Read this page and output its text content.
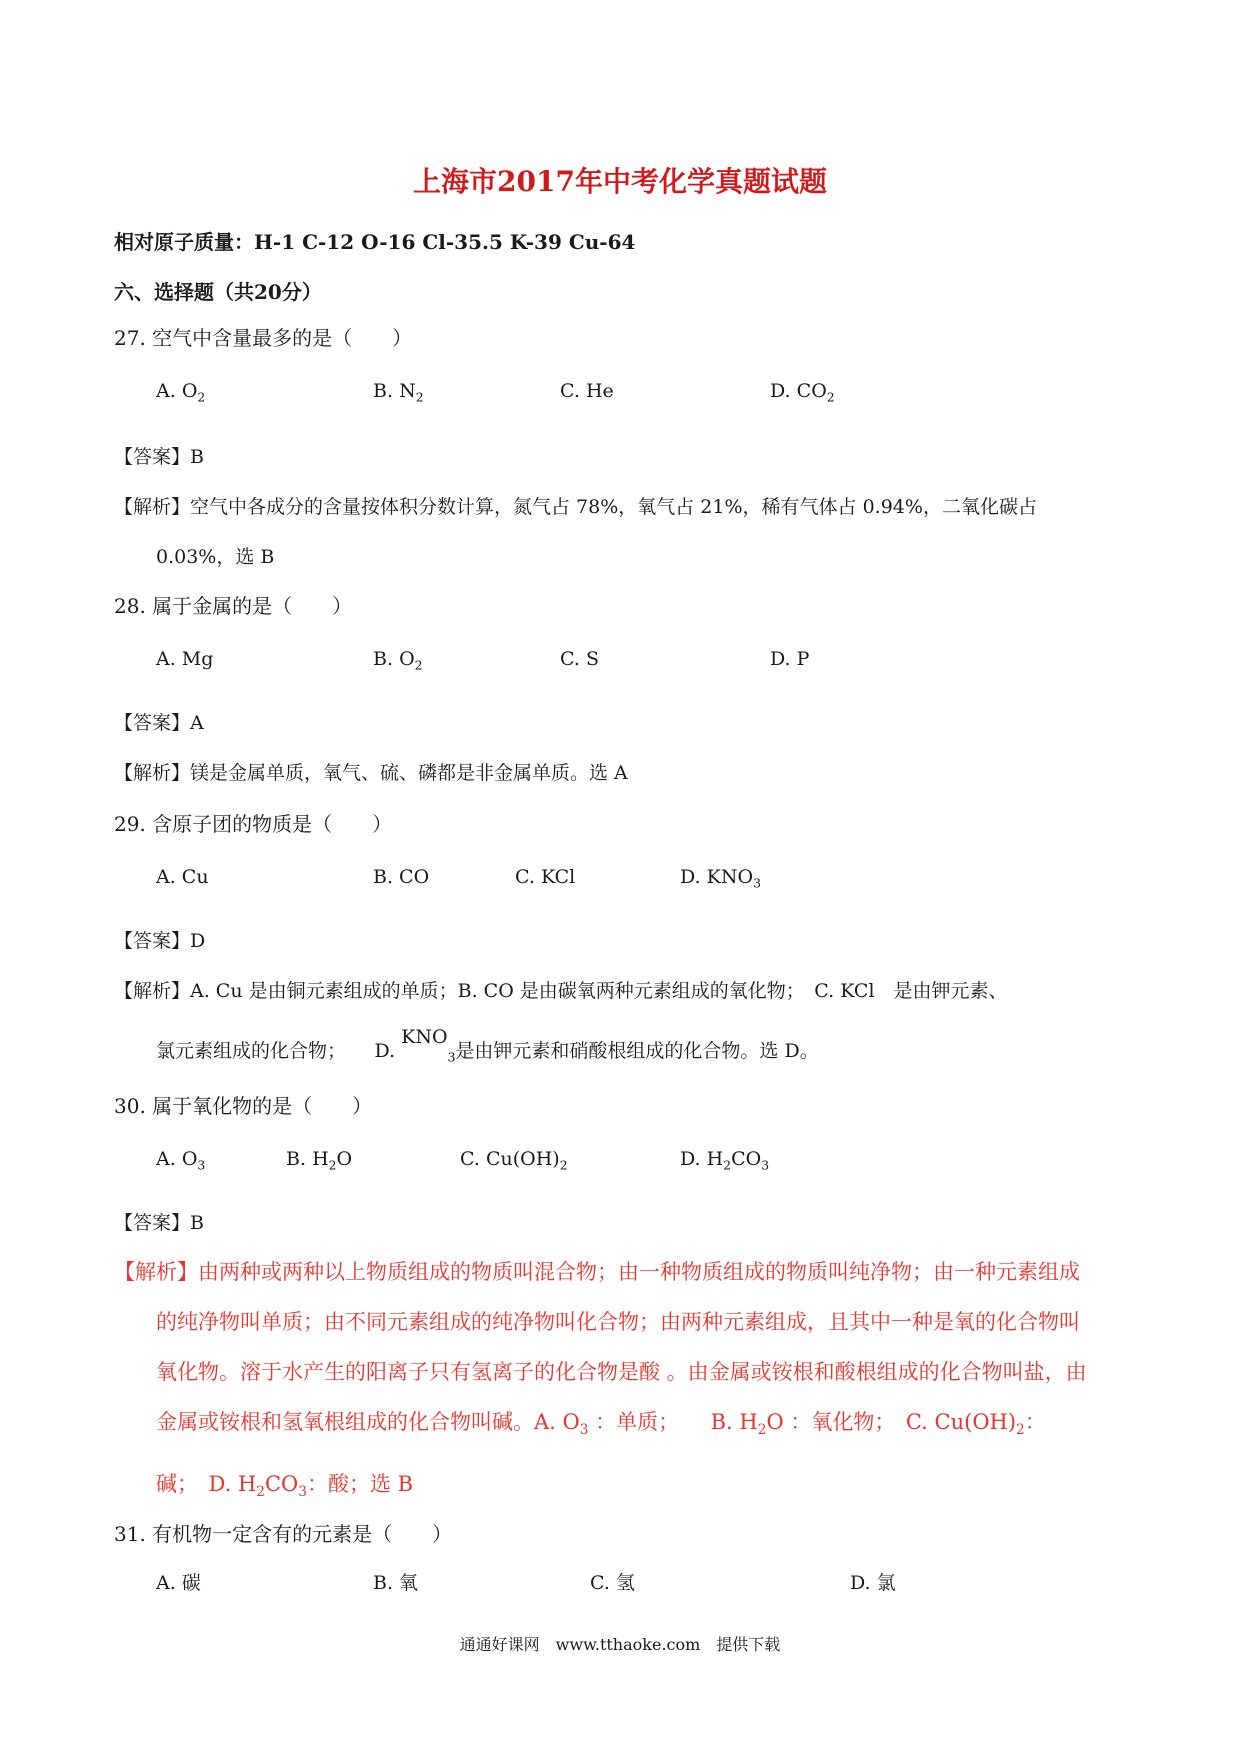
上海市2017年中考化学真题试题
相对原子质量：H-1 C-12 O-16 Cl-35.5 K-39 Cu-64
六、选择题（共20分）
27. 空气中含量最多的是（　　）
A. $O_2$	B. $N_2$	C. He	D. $CO_2$
【答案】B
【解析】空气中各成分的含量按体积分数计算，氮气占 78%，氧气占 21%，稀有气体占 0.94%，二氧化碳占
0.03%，选 B
28. 属于金属的是（　　）
A. Mg	B. $O_2$	C. S	D. P
【答案】A
【解析】镁是金属单质，氧气、硫、磷都是非金属单质。选 A
29. 含原子团的物质是（　　）
A. Cu	B. CO	C. KCl	D. $KNO_3$
【答案】D
【解析】A. Cu 是由铜元素组成的单质；B. CO 是由碳氧两种元素组成的氧化物；　C. KCl　是由钾元素、
氯元素组成的化合物；　　D. $KNO_3$是由钾元素和硝酸根组成的化合物。选 D。
30. 属于氧化物的是（　　）
A. $O_3$	B. $H_2O$	C. $Cu(OH)_2$	D. $H_2CO_3$
【答案】B
【解析】由两种或两种以上物质组成的物质叫混合物；由一种物质组成的物质叫纯净物；由一种元素组成
的纯净物叫单质；由不同元素组成的纯净物叫化合物；由两种元素组成，且其中一种是氧的化合物叫
氧化物。溶于水产生的阳离子只有氢离子的化合物是酸 。由金属或铵根和酸根组成的化合物叫盐，由
金属或铵根和氢氧根组成的化合物叫碱。A. $O_3$ ：单质；　　B. $H_2O$ ：氧化物；　C. $Cu(OH)_2$：
碱；　D. $H_2CO_3$：酸；选 B
31. 有机物一定含有的元素是（　　）
A. 碳	B. 氧	C. 氢	D. 氯
通通好课网　www.tthaoke.com　提供下载
